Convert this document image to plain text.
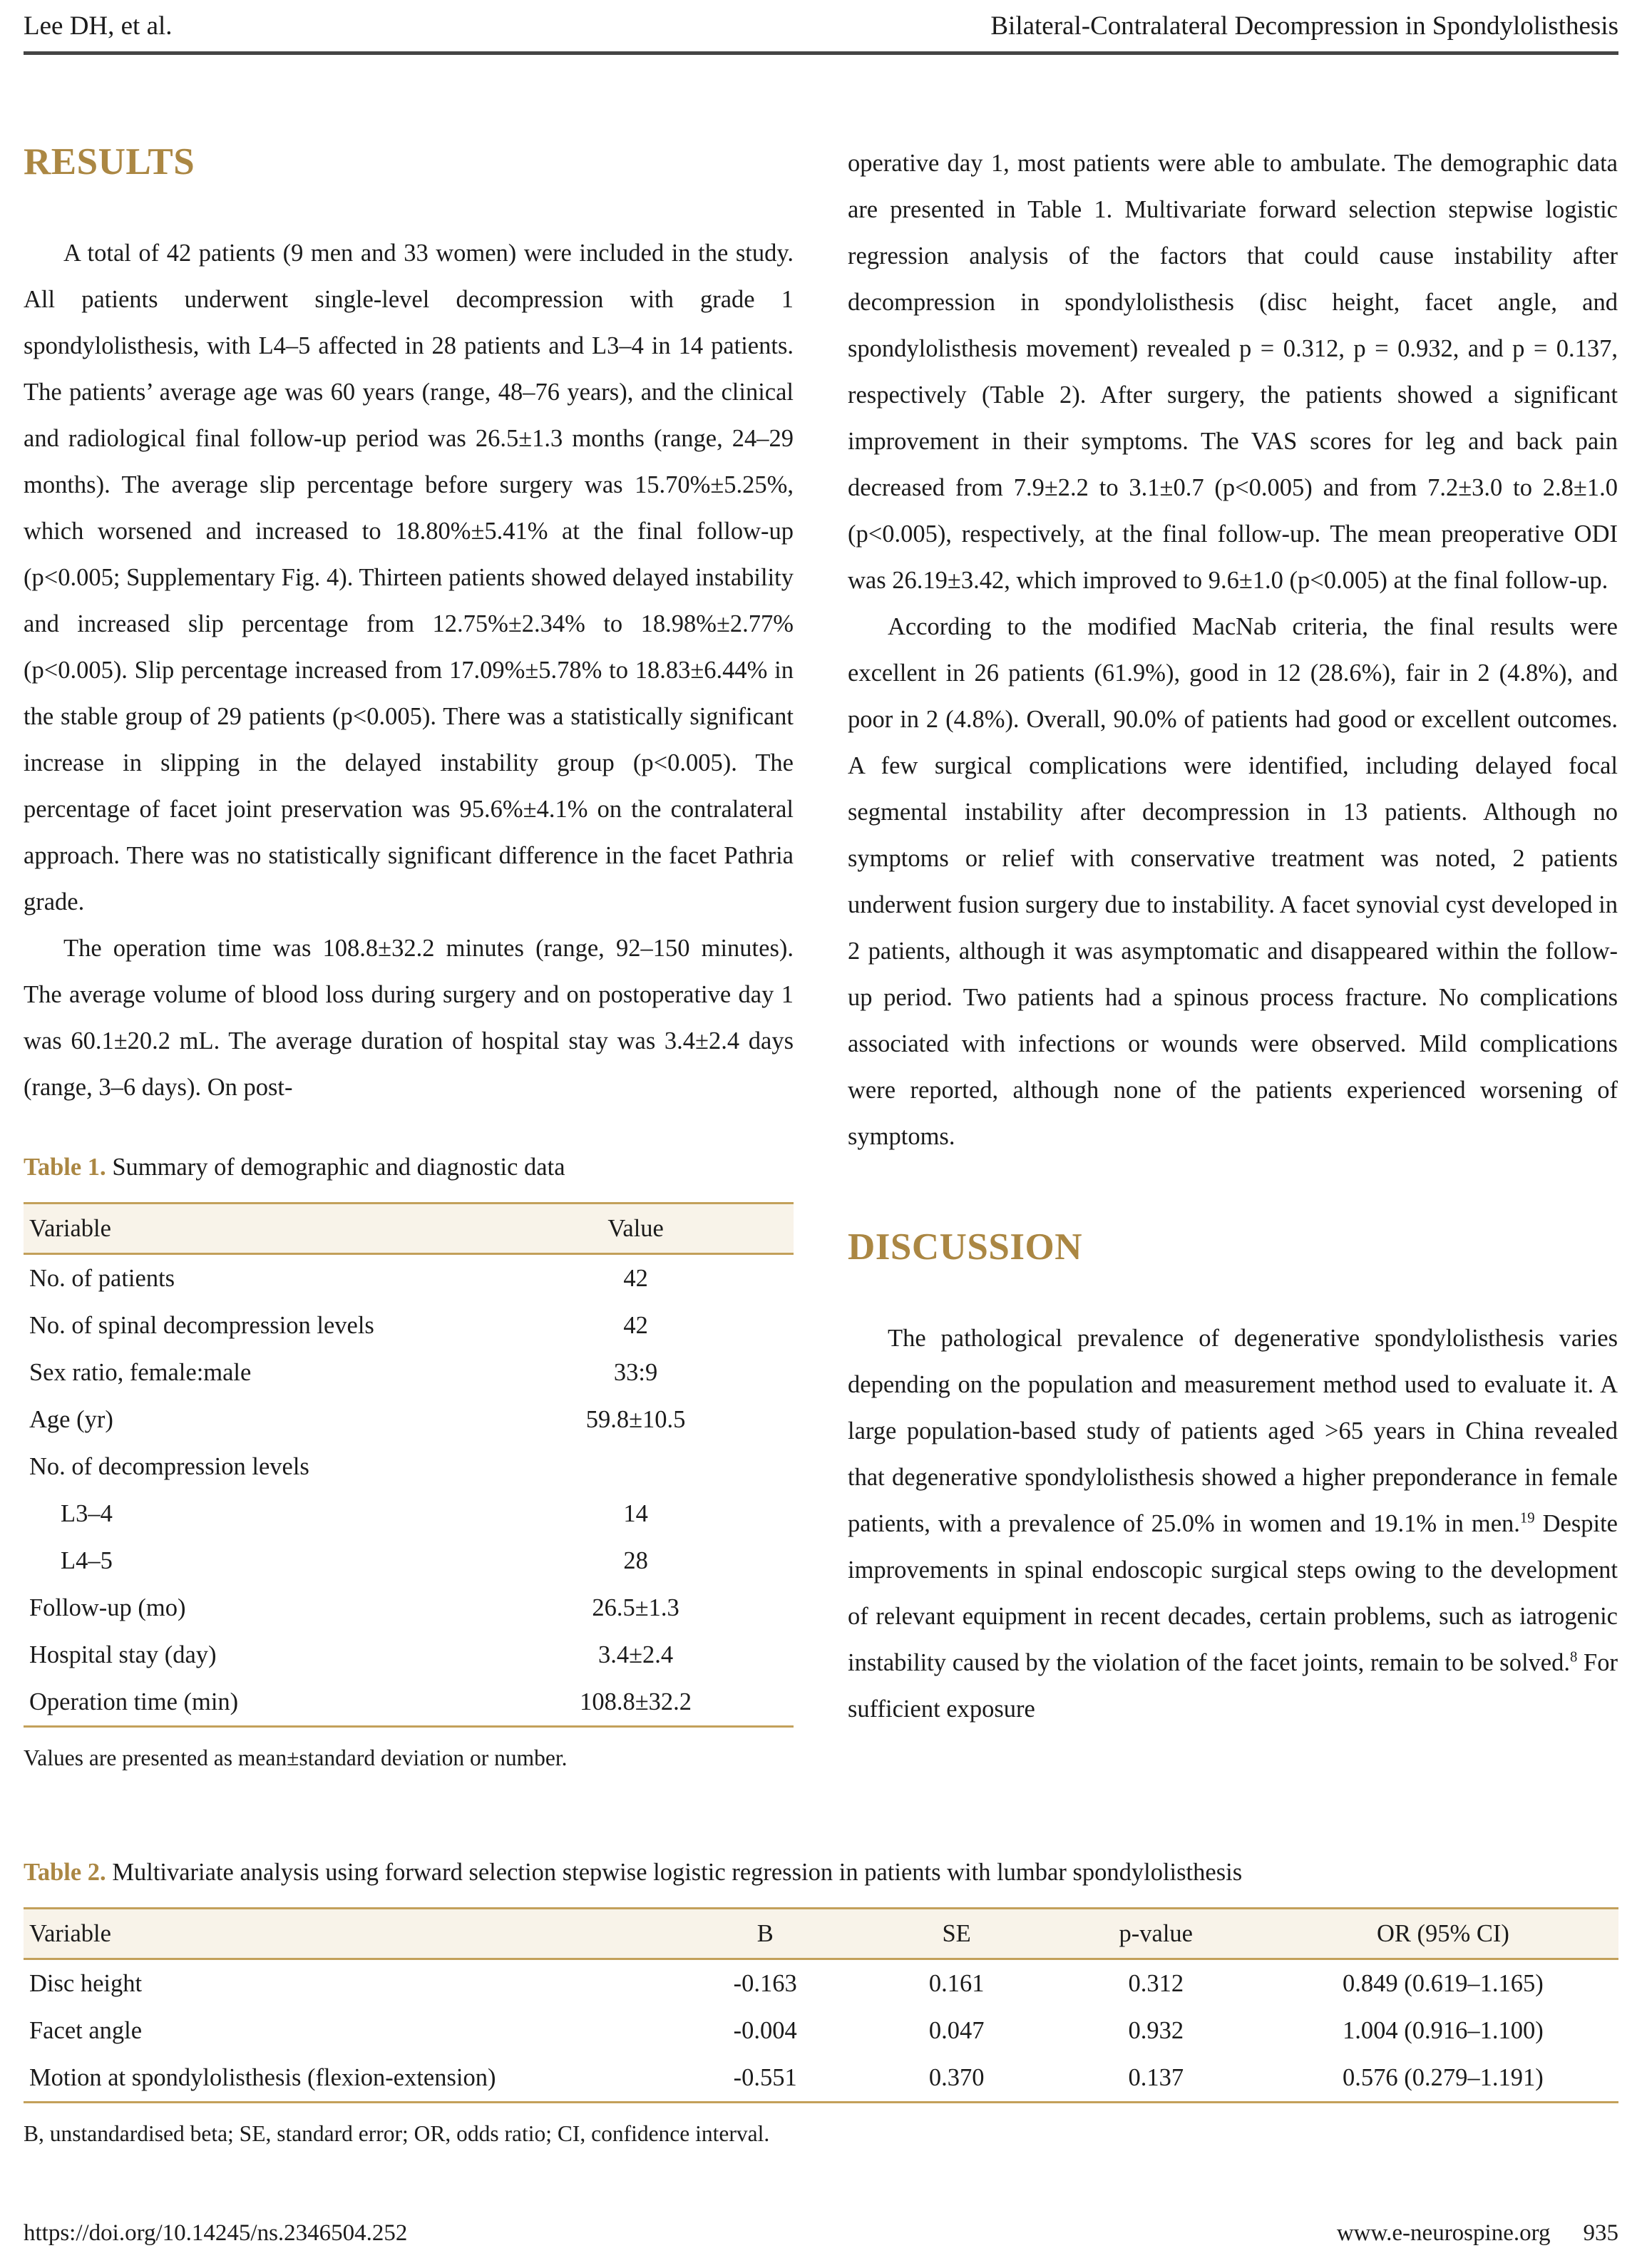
Lee DH, et al.	Bilateral-Contralateral Decompression in Spondylolisthesis
RESULTS

A total of 42 patients (9 men and 33 women) were included in the study. All patients underwent single-level decompression with grade 1 spondylolisthesis, with L4–5 affected in 28 patients and L3–4 in 14 patients. The patients’ average age was 60 years (range, 48–76 years), and the clinical and radiological final follow-up period was 26.5±1.3 months (range, 24–29 months). The average slip percentage before surgery was 15.70%±5.25%, which worsened and increased to 18.80%±5.41% at the final follow-up (p<0.005; Supplementary Fig. 4). Thirteen patients showed delayed instability and increased slip percentage from 12.75%±2.34% to 18.98%±2.77% (p<0.005). Slip percentage increased from 17.09%±5.78% to 18.83±6.44% in the stable group of 29 patients (p<0.005). There was a statistically significant increase in slipping in the delayed instability group (p<0.005). The percentage of facet joint preservation was 95.6%±4.1% on the contralateral approach. There was no statistically significant difference in the facet Pathria grade.

The operation time was 108.8±32.2 minutes (range, 92–150 minutes). The average volume of blood loss during surgery and on postoperative day 1 was 60.1±20.2 mL. The average duration of hospital stay was 3.4±2.4 days (range, 3–6 days). On post-

Table 1. Summary of demographic and diagnostic data

Variable	Value
No. of patients	42
No. of spinal decompression levels	42
Sex ratio, female:male	33:9
Age (yr)	59.8±10.5
No. of decompression levels	
L3–4	14
L4–5	28
Follow-up (mo)	26.5±1.3
Hospital stay (day)	3.4±2.4
Operation time (min)	108.8±32.2

Values are presented as mean±standard deviation or number.

operative day 1, most patients were able to ambulate. The demographic data are presented in Table 1. Multivariate forward selection stepwise logistic regression analysis of the factors that could cause instability after decompression in spondylolisthesis (disc height, facet angle, and spondylolisthesis movement) revealed p = 0.312, p = 0.932, and p = 0.137, respectively (Table 2). After surgery, the patients showed a significant improvement in their symptoms. The VAS scores for leg and back pain decreased from 7.9±2.2 to 3.1±0.7 (p<0.005) and from 7.2±3.0 to 2.8±1.0 (p<0.005), respectively, at the final follow-up. The mean preoperative ODI was 26.19±3.42, which improved to 9.6±1.0 (p<0.005) at the final follow-up.

According to the modified MacNab criteria, the final results were excellent in 26 patients (61.9%), good in 12 (28.6%), fair in 2 (4.8%), and poor in 2 (4.8%). Overall, 90.0% of patients had good or excellent outcomes. A few surgical complications were identified, including delayed focal segmental instability after decompression in 13 patients. Although no symptoms or relief with conservative treatment was noted, 2 patients underwent fusion surgery due to instability. A facet synovial cyst developed in 2 patients, although it was asymptomatic and disappeared within the follow-up period. Two patients had a spinous process fracture. No complications associated with infections or wounds were observed. Mild complications were reported, although none of the patients experienced worsening of symptoms.

DISCUSSION

The pathological prevalence of degenerative spondylolisthesis varies depending on the population and measurement method used to evaluate it. A large population-based study of patients aged >65 years in China revealed that degenerative spondylolisthesis showed a higher preponderance in female patients, with a prevalence of 25.0% in women and 19.1% in men.$^{19}$ Despite improvements in spinal endoscopic surgical steps owing to the development of relevant equipment in recent decades, certain problems, such as iatrogenic instability caused by the violation of the facet joints, remain to be solved.$^8$ For sufficient exposure

Table 2. Multivariate analysis using forward selection stepwise logistic regression in patients with lumbar spondylolisthesis

Variable	B	SE	p-value	OR (95% CI)
Disc height	-0.163	0.161	0.312	0.849 (0.619–1.165)
Facet angle	-0.004	0.047	0.932	1.004 (0.916–1.100)
Motion at spondylolisthesis (flexion-extension)	-0.551	0.370	0.137	0.576 (0.279–1.191)

B, unstandardised beta; SE, standard error; OR, odds ratio; CI, confidence interval.

https://doi.org/10.14245/ns.2346504.252	www.e-neurospine.org 935
